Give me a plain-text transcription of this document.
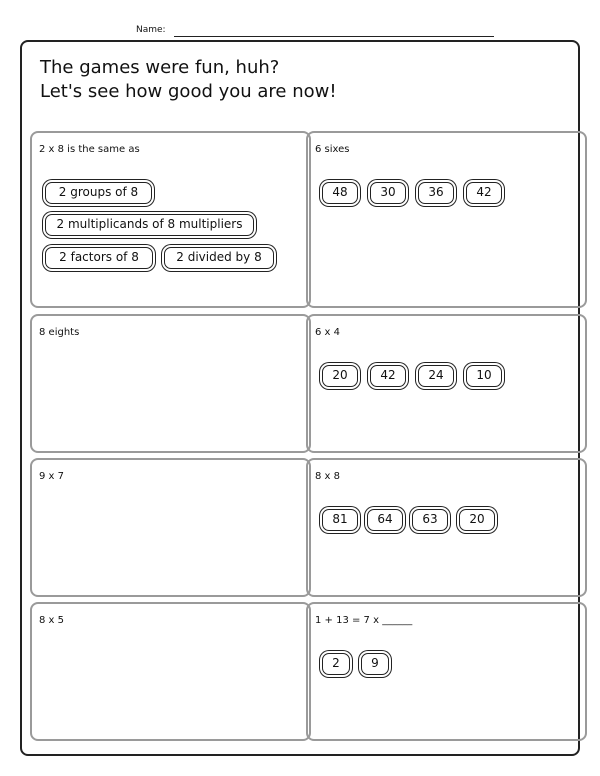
Name:
The games were fun, huh?
Let's see how good you are now!
2 x 8 is the same as
2 groups of 8
2 multiplicands of 8 multipliers
2 factors of 8	2 divided by 8
6 sixes
48	30	36	42
8 eights	6 x 4
20	42	24	10
9 x 7	8 x 8
81	64	63	20
8 x 5	1 + 13 = 7 x ______
2	9
